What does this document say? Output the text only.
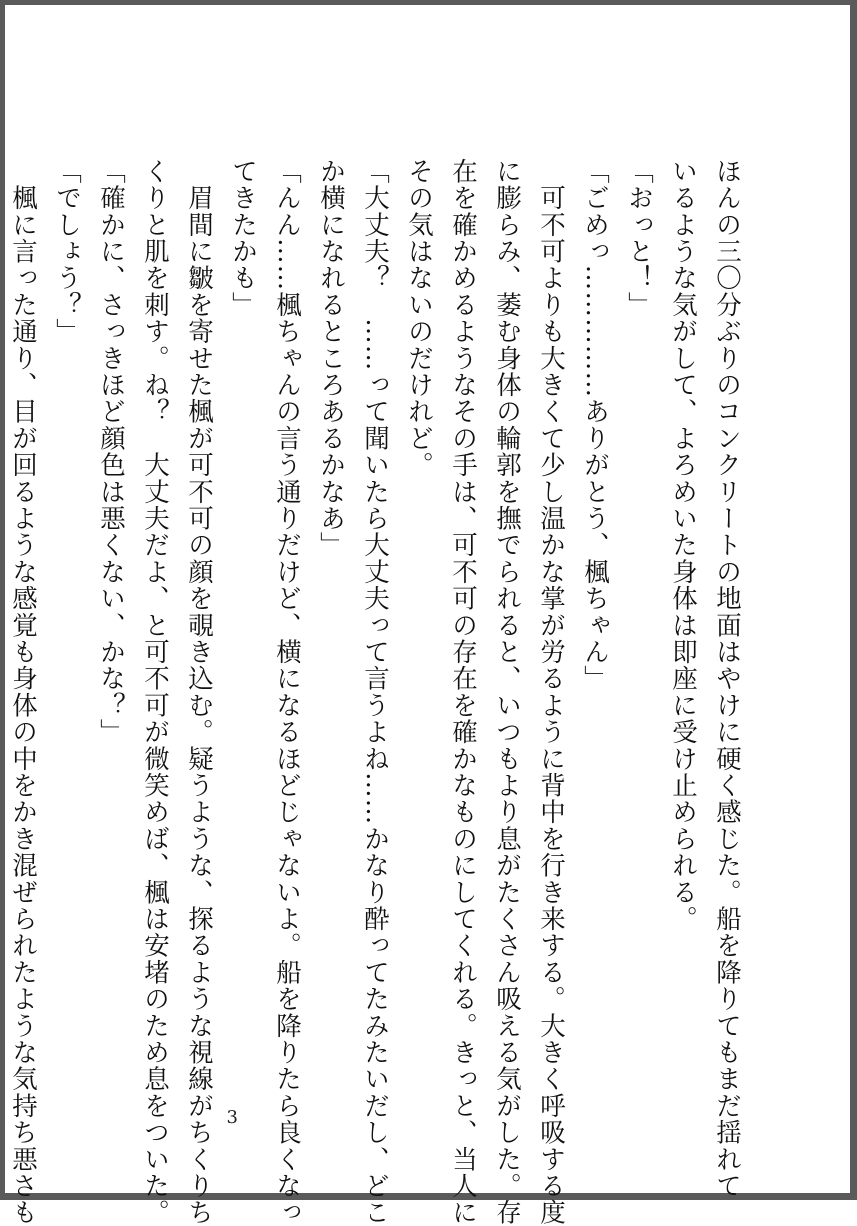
ほんの三〇分ぶりのコンクリートの地面はやけに硬く感じた。船を降りてもまだ揺れて

いるような気がして、よろめいた身体は即座に受け止められる。

「おっと！」

「ごめっ……………ありがとう、楓ちゃん」

　可不可よりも大きくて少し温かな掌が労るように背中を行き来する。大きく呼吸する度

に膨らみ、萎む身体の輪郭を撫でられると、いつもより息がたくさん吸える気がした。存

在を確かめるようなその手は、可不可の存在を確かなものにしてくれる。きっと、当人に

その気はないのだけれど。

「大丈夫？　……って聞いたら大丈夫って言うよね……かなり酔ってたみたいだし、どこ

か横になれるところあるかなあ」

「んん……楓ちゃんの言う通りだけど、横になるほどじゃないよ。船を降りたら良くなっ

てきたかも」

　眉間に皺を寄せた楓が可不可の顔を覗き込む。疑うような、探るような視線がちくりち

くりと肌を刺す。ね？　大丈夫だよ、と可不可が微笑めば、楓は安堵のため息をついた。

「確かに、さっきほど顔色は悪くない、かな？」

「でしょう？」

　楓に言った通り、目が回るような感覚も身体の中をかき混ぜられたような気持ち悪さも	3
